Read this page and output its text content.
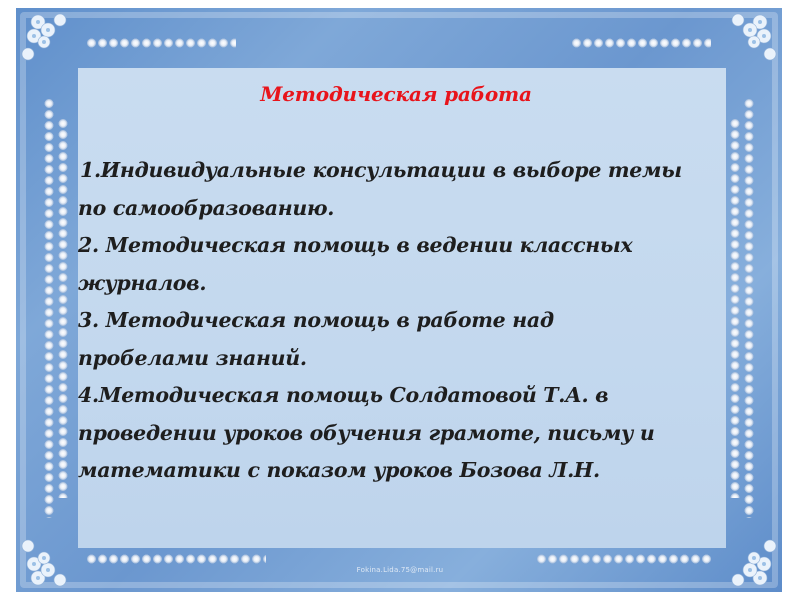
Методическая работа
1.Индивидуальные консультации в выборе темы
по самообразованию.
2. Методическая помощь в ведении классных
журналов.
3. Методическая помощь в работе над
пробелами знаний.
4.Методическая помощь Солдатовой Т.А. в
проведении уроков обучения грамоте, письму и
математики с показом уроков Бозова Л.Н.
Fokina.Lida.75@mail.ru
